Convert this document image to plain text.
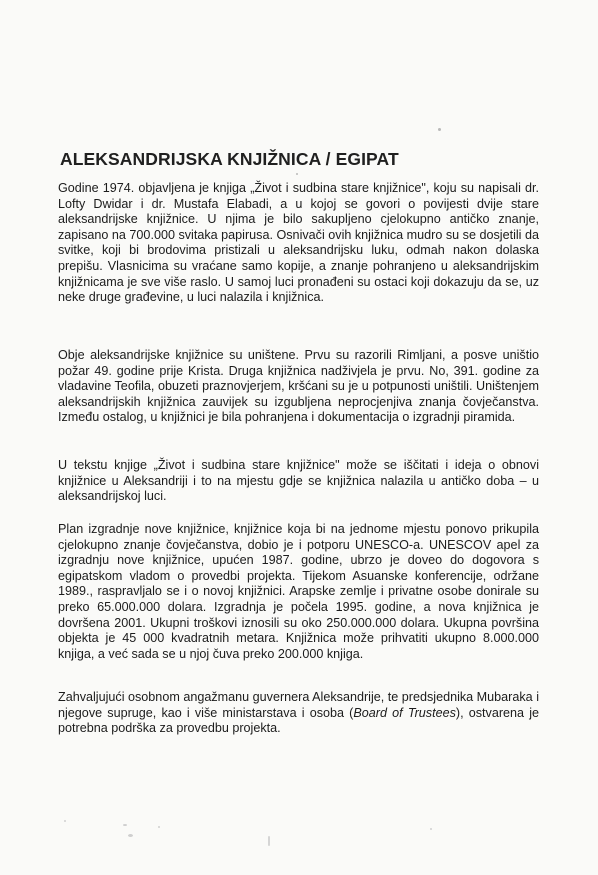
ALEKSANDRIJSKA KNJIŽNICA / EGIPAT

Godine 1974. objavljena je knjiga „Život i sudbina stare knjižnice", koju su napisali dr. Lofty Dwidar i dr. Mustafa Elabadi, a u kojoj se govori o povijesti dvije stare aleksandrijske knjižnice. U njima je bilo sakupljeno cjelokupno antičko znanje, zapisano na 700.000 svitaka papirusa. Osnivači ovih knjižnica mudro su se dosjetili da svitke, koji bi brodovima pristizali u aleksandrijsku luku, odmah nakon dolaska prepišu. Vlasnicima su vraćane samo kopije, a znanje pohranjeno u aleksandrijskim knjižnicama je sve više raslo. U samoj luci pronađeni su ostaci koji dokazuju da se, uz neke druge građevine, u luci nalazila i knjižnica.

Obje aleksandrijske knjižnice su uništene. Prvu su razorili Rimljani, a posve uništio požar 49. godine prije Krista. Druga knjižnica nadživjela je prvu. No, 391. godine za vladavine Teofila, obuzeti praznovjerjem, kršćani su je u potpunosti uništili. Uništenjem aleksandrijskih knjižnica zauvijek su izgubljena neprocjenjiva znanja čovječanstva. Između ostalog, u knjižnici je bila pohranjena i dokumentacija o izgradnji piramida.

U tekstu knjige „Život i sudbina stare knjižnice" može se iščitati i ideja o obnovi knjižnice u Aleksandriji i to na mjestu gdje se knjižnica nalazila u antičko doba – u aleksandrijskoj luci.

Plan izgradnje nove knjižnice, knjižnice koja bi na jednome mjestu ponovo prikupila cjelokupno znanje čovječanstva, dobio je i potporu UNESCO-a. UNESCOV apel za izgradnju nove knjižnice, upućen 1987. godine, ubrzo je doveo do dogovora s egipatskom vladom o provedbi projekta. Tijekom Asuanske konferencije, održane 1989., raspravljalo se i o novoj knjižnici. Arapske zemlje i privatne osobe donirale su preko 65.000.000 dolara. Izgradnja je počela 1995. godine, a nova knjižnica je dovršena 2001. Ukupni troškovi iznosili su oko 250.000.000 dolara. Ukupna površina objekta je 45 000 kvadratnih metara. Knjižnica može prihvatiti ukupno 8.000.000 knjiga, a već sada se u njoj čuva preko 200.000 knjiga.

Zahvaljujući osobnom angažmanu guvernera Aleksandrije, te predsjednika Mubaraka i njegove supruge, kao i više ministarstava i osoba (Board of Trustees), ostvarena je potrebna podrška za provedbu projekta.
